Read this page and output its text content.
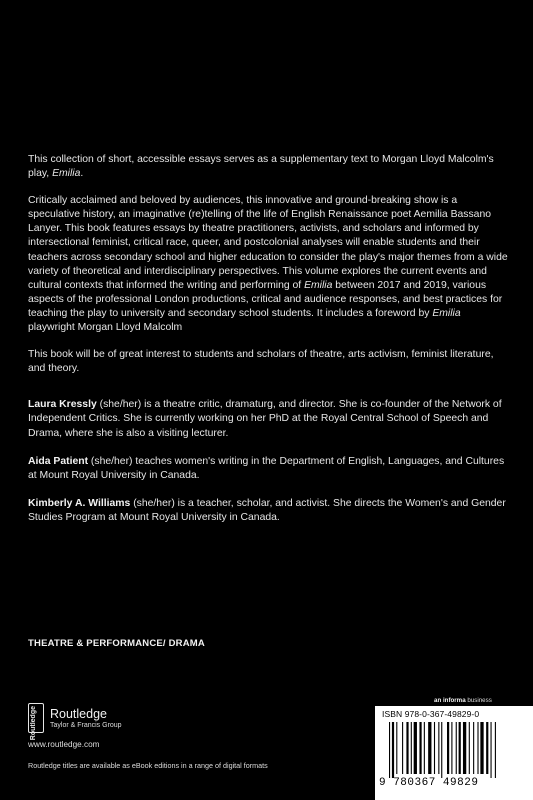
This collection of short, accessible essays serves as a supplementary text to Morgan Lloyd Malcolm's play, Emilia.

Critically acclaimed and beloved by audiences, this innovative and ground-breaking show is a speculative history, an imaginative (re)telling of the life of English Renaissance poet Aemilia Bassano Lanyer. This book features essays by theatre practitioners, activists, and scholars and informed by intersectional feminist, critical race, queer, and postcolonial analyses will enable students and their teachers across secondary school and higher education to consider the play's major themes from a wide variety of theoretical and interdisciplinary perspectives. This volume explores the current events and cultural contexts that informed the writing and performing of Emilia between 2017 and 2019, various aspects of the professional London productions, critical and audience responses, and best practices for teaching the play to university and secondary school students. It includes a foreword by Emilia playwright Morgan Lloyd Malcolm

This book will be of great interest to students and scholars of theatre, arts activism, feminist literature, and theory.

Laura Kressly (she/her) is a theatre critic, dramaturg, and director. She is co-founder of the Network of Independent Critics. She is currently working on her PhD at the Royal Central School of Speech and Drama, where she is also a visiting lecturer.

Aida Patient (she/her) teaches women's writing in the Department of English, Languages, and Cultures at Mount Royal University in Canada.

Kimberly A. Williams (she/her) is a teacher, scholar, and activist. She directs the Women's and Gender Studies Program at Mount Royal University in Canada.

THEATRE & PERFORMANCE/ DRAMA
Routledge Routledge
Taylor & Francis Group
www.routledge.com
Routledge titles are available as eBook editions in a range of digital formats
an informa business
ISBN 978-0-367-49829-0
9 780367 49829
